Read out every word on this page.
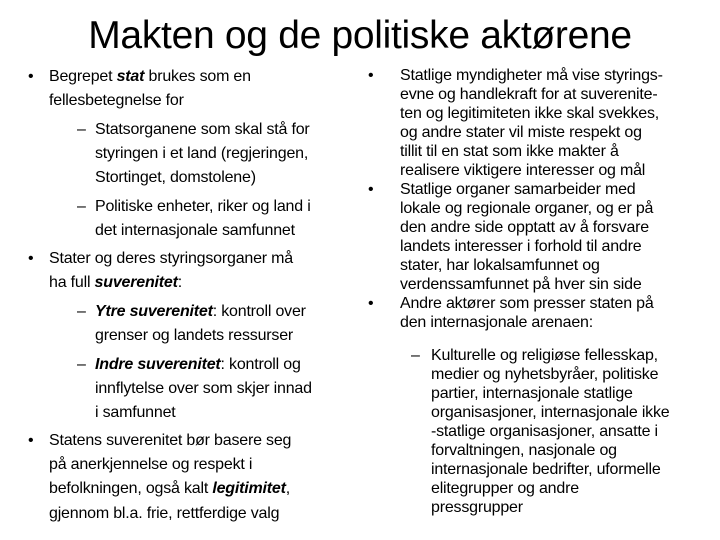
Makten og de politiske aktørene
• Begrepet stat brukes som en
fellesbetegnelse for
– Statsorganene som skal stå for
styringen i et land (regjeringen,
Stortinget, domstolene)
– Politiske enheter, riker og land i
det internasjonale samfunnet
• Stater og deres styringsorganer må
ha full suverenitet:
– Ytre suverenitet: kontroll over
grenser og landets ressurser
– Indre suverenitet: kontroll og
innflytelse over som skjer innad
i samfunnet
• Statens suverenitet bør basere seg
på anerkjennelse og respekt i
befolkningen, også kalt legitimitet,
gjennom bl.a. frie, rettferdige valg
• Statlige myndigheter må vise styrings-
evne og handlekraft for at suverenite-
ten og legitimiteten ikke skal svekkes,
og andre stater vil miste respekt og
tillit til en stat som ikke makter å
realisere viktigere interesser og mål
• Statlige organer samarbeider med
lokale og regionale organer, og er på
den andre side opptatt av å forsvare
landets interesser i forhold til andre
stater, har lokalsamfunnet og
verdenssamfunnet på hver sin side
• Andre aktører som presser staten på
den internasjonale arenaen:
– Kulturelle og religiøse fellesskap,
medier og nyhetsbyråer, politiske
partier, internasjonale statlige
organisasjoner, internasjonale ikke
-statlige organisasjoner, ansatte i
forvaltningen, nasjonale og
internasjonale bedrifter, uformelle
elitegrupper og andre
pressgrupper
